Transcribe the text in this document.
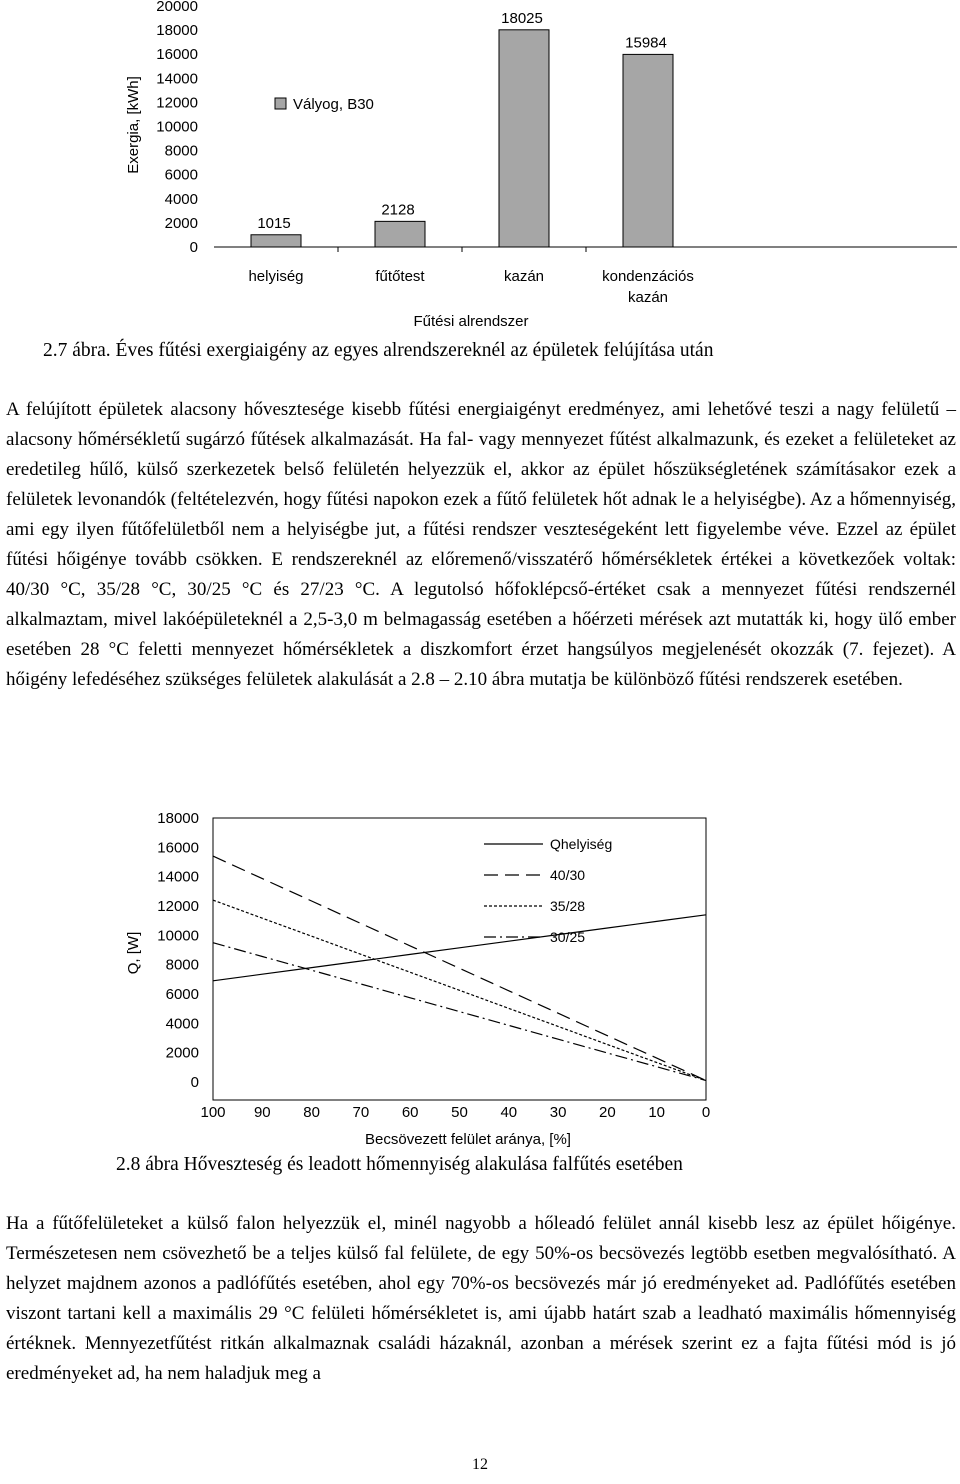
0
2000
4000
6000
8000
10000
12000
14000
16000
18000
20000
1015
2128
18025
15984
helyiség	fűtőtest	kazán	kondenzációs kazán
Vályog, B30
Exergia, [kWh]
Fűtési alrendszer
2.7 ábra. Éves fűtési exergiaigény az egyes alrendszereknél az épületek felújítása után

A felújított épületek alacsony hővesztesége kisebb fűtési energiaigényt eredményez, ami lehetővé teszi a nagy felületű – alacsony hőmérsékletű sugárzó fűtések alkalmazását. Ha fal- vagy mennyezet fűtést alkalmazunk, és ezeket a felületeket az eredetileg hűlő, külső szerkezetek belső felületén helyezzük el, akkor az épület hőszükségletének számításakor ezek a felületek levonandók (feltételezvén, hogy fűtési napokon ezek a fűtő felületek hőt adnak le a helyiségbe). Az a hőmennyiség, ami egy ilyen fűtőfelületből nem a helyiségbe jut, a fűtési rendszer veszteségeként lett figyelembe véve. Ezzel az épület fűtési hőigénye tovább csökken. E rendszereknél az előremenő/visszatérő hőmérsékletek értékei a következőek voltak: 40/30 °C, 35/28 °C, 30/25 °C és 27/23 °C. A legutolsó hőfoklépcső-értéket csak a mennyezet fűtési rendszernél alkalmaztam, mivel lakóépületeknél a 2,5-3,0 m belmagasság esetében a hőérzeti mérések azt mutatták ki, hogy ülő ember esetében 28 °C feletti mennyezet hőmérsékletek a diszkomfort érzet hangsúlyos megjelenését okozzák (7. fejezet). A hőigény lefedéséhez szükséges felületek alakulását a 2.8 – 2.10 ábra mutatja be különböző fűtési rendszerek esetében.

0
2000
4000
6000
8000
10000
12000
14000
16000
18000
100 90 80 70 60 50 40 30 20 10 0
Qhelyiség
40/30
35/28
30/25
Q, [W]
Becsövezett felület aránya, [%]
2.8 ábra Hőveszteség és leadott hőmennyiség alakulása falfűtés esetében

Ha a fűtőfelületeket a külső falon helyezzük el, minél nagyobb a hőleadó felület annál kisebb lesz az épület hőigénye. Természetesen nem csövezhető be a teljes külső fal felülete, de egy 50%-os becsövezés legtöbb esetben megvalósítható. A helyzet majdnem azonos a padlófűtés esetében, ahol egy 70%-os becsövezés már jó eredményeket ad. Padlófűtés esetében viszont tartani kell a maximális 29 °C felületi hőmérsékletet is, ami újabb határt szab a leadható maximális hőmennyiség értéknek. Mennyezetfűtést ritkán alkalmaznak családi házaknál, azonban a mérések szerint ez a fajta fűtési mód is jó eredményeket ad, ha nem haladjuk meg a

12
